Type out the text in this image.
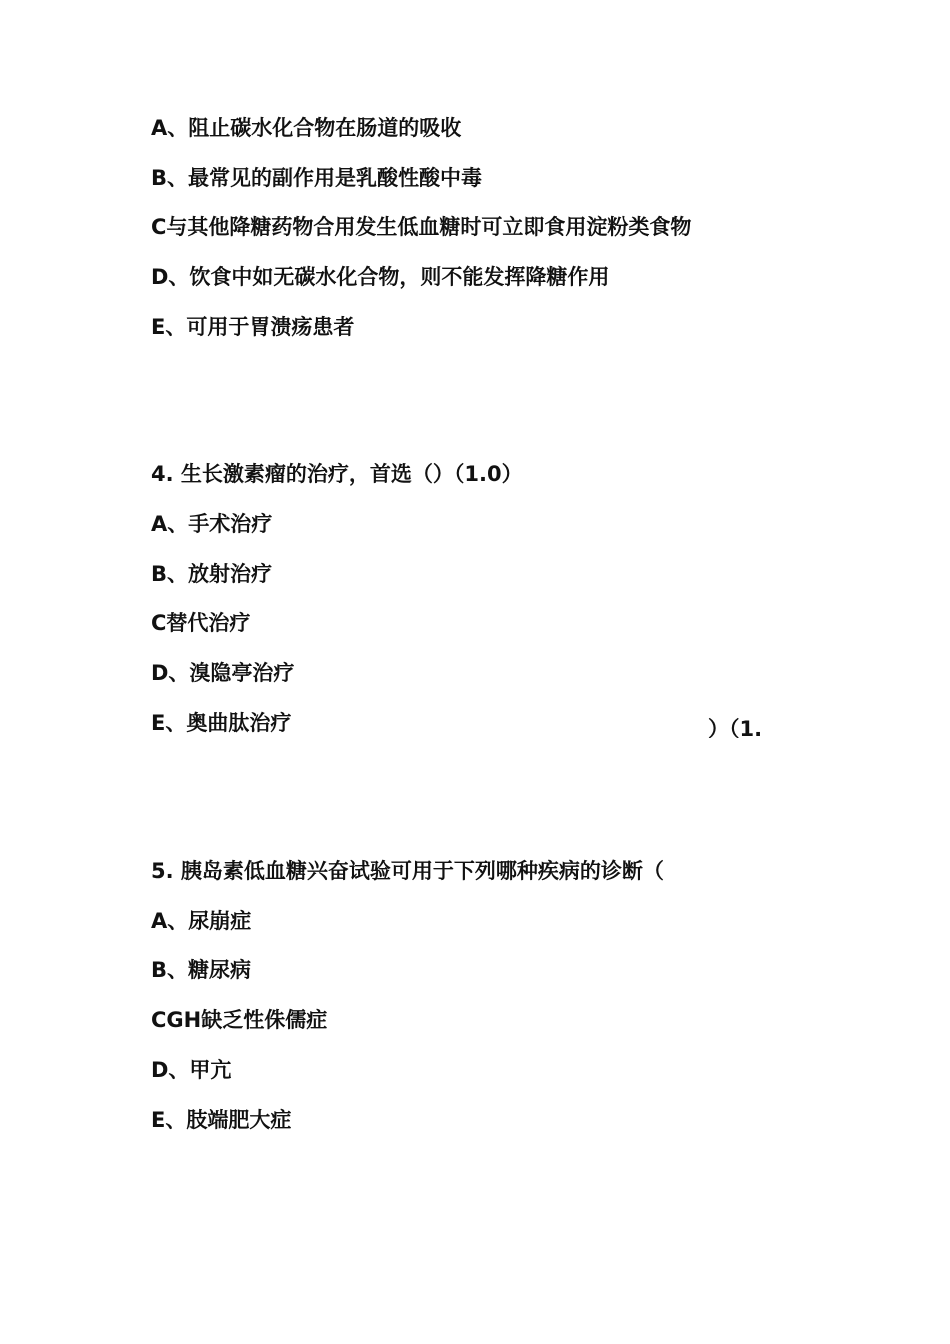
A、阻止碳水化合物在肠道的吸收
B、最常见的副作用是乳酸性酸中毒
C与其他降糖药物合用发生低血糖时可立即食用淀粉类食物
D、饮食中如无碳水化合物，则不能发挥降糖作用
E、可用于胃溃疡患者
4. 生长激素瘤的治疗，首选（）（1.0）
A、手术治疗
B、放射治疗
C替代治疗
D、溴隐亭治疗
E、奥曲肽治疗	）（1.
5. 胰岛素低血糖兴奋试验可用于下列哪种疾病的诊断（
A、尿崩症
B、糖尿病
CGH缺乏性侏儒症
D、甲亢
E、肢端肥大症
